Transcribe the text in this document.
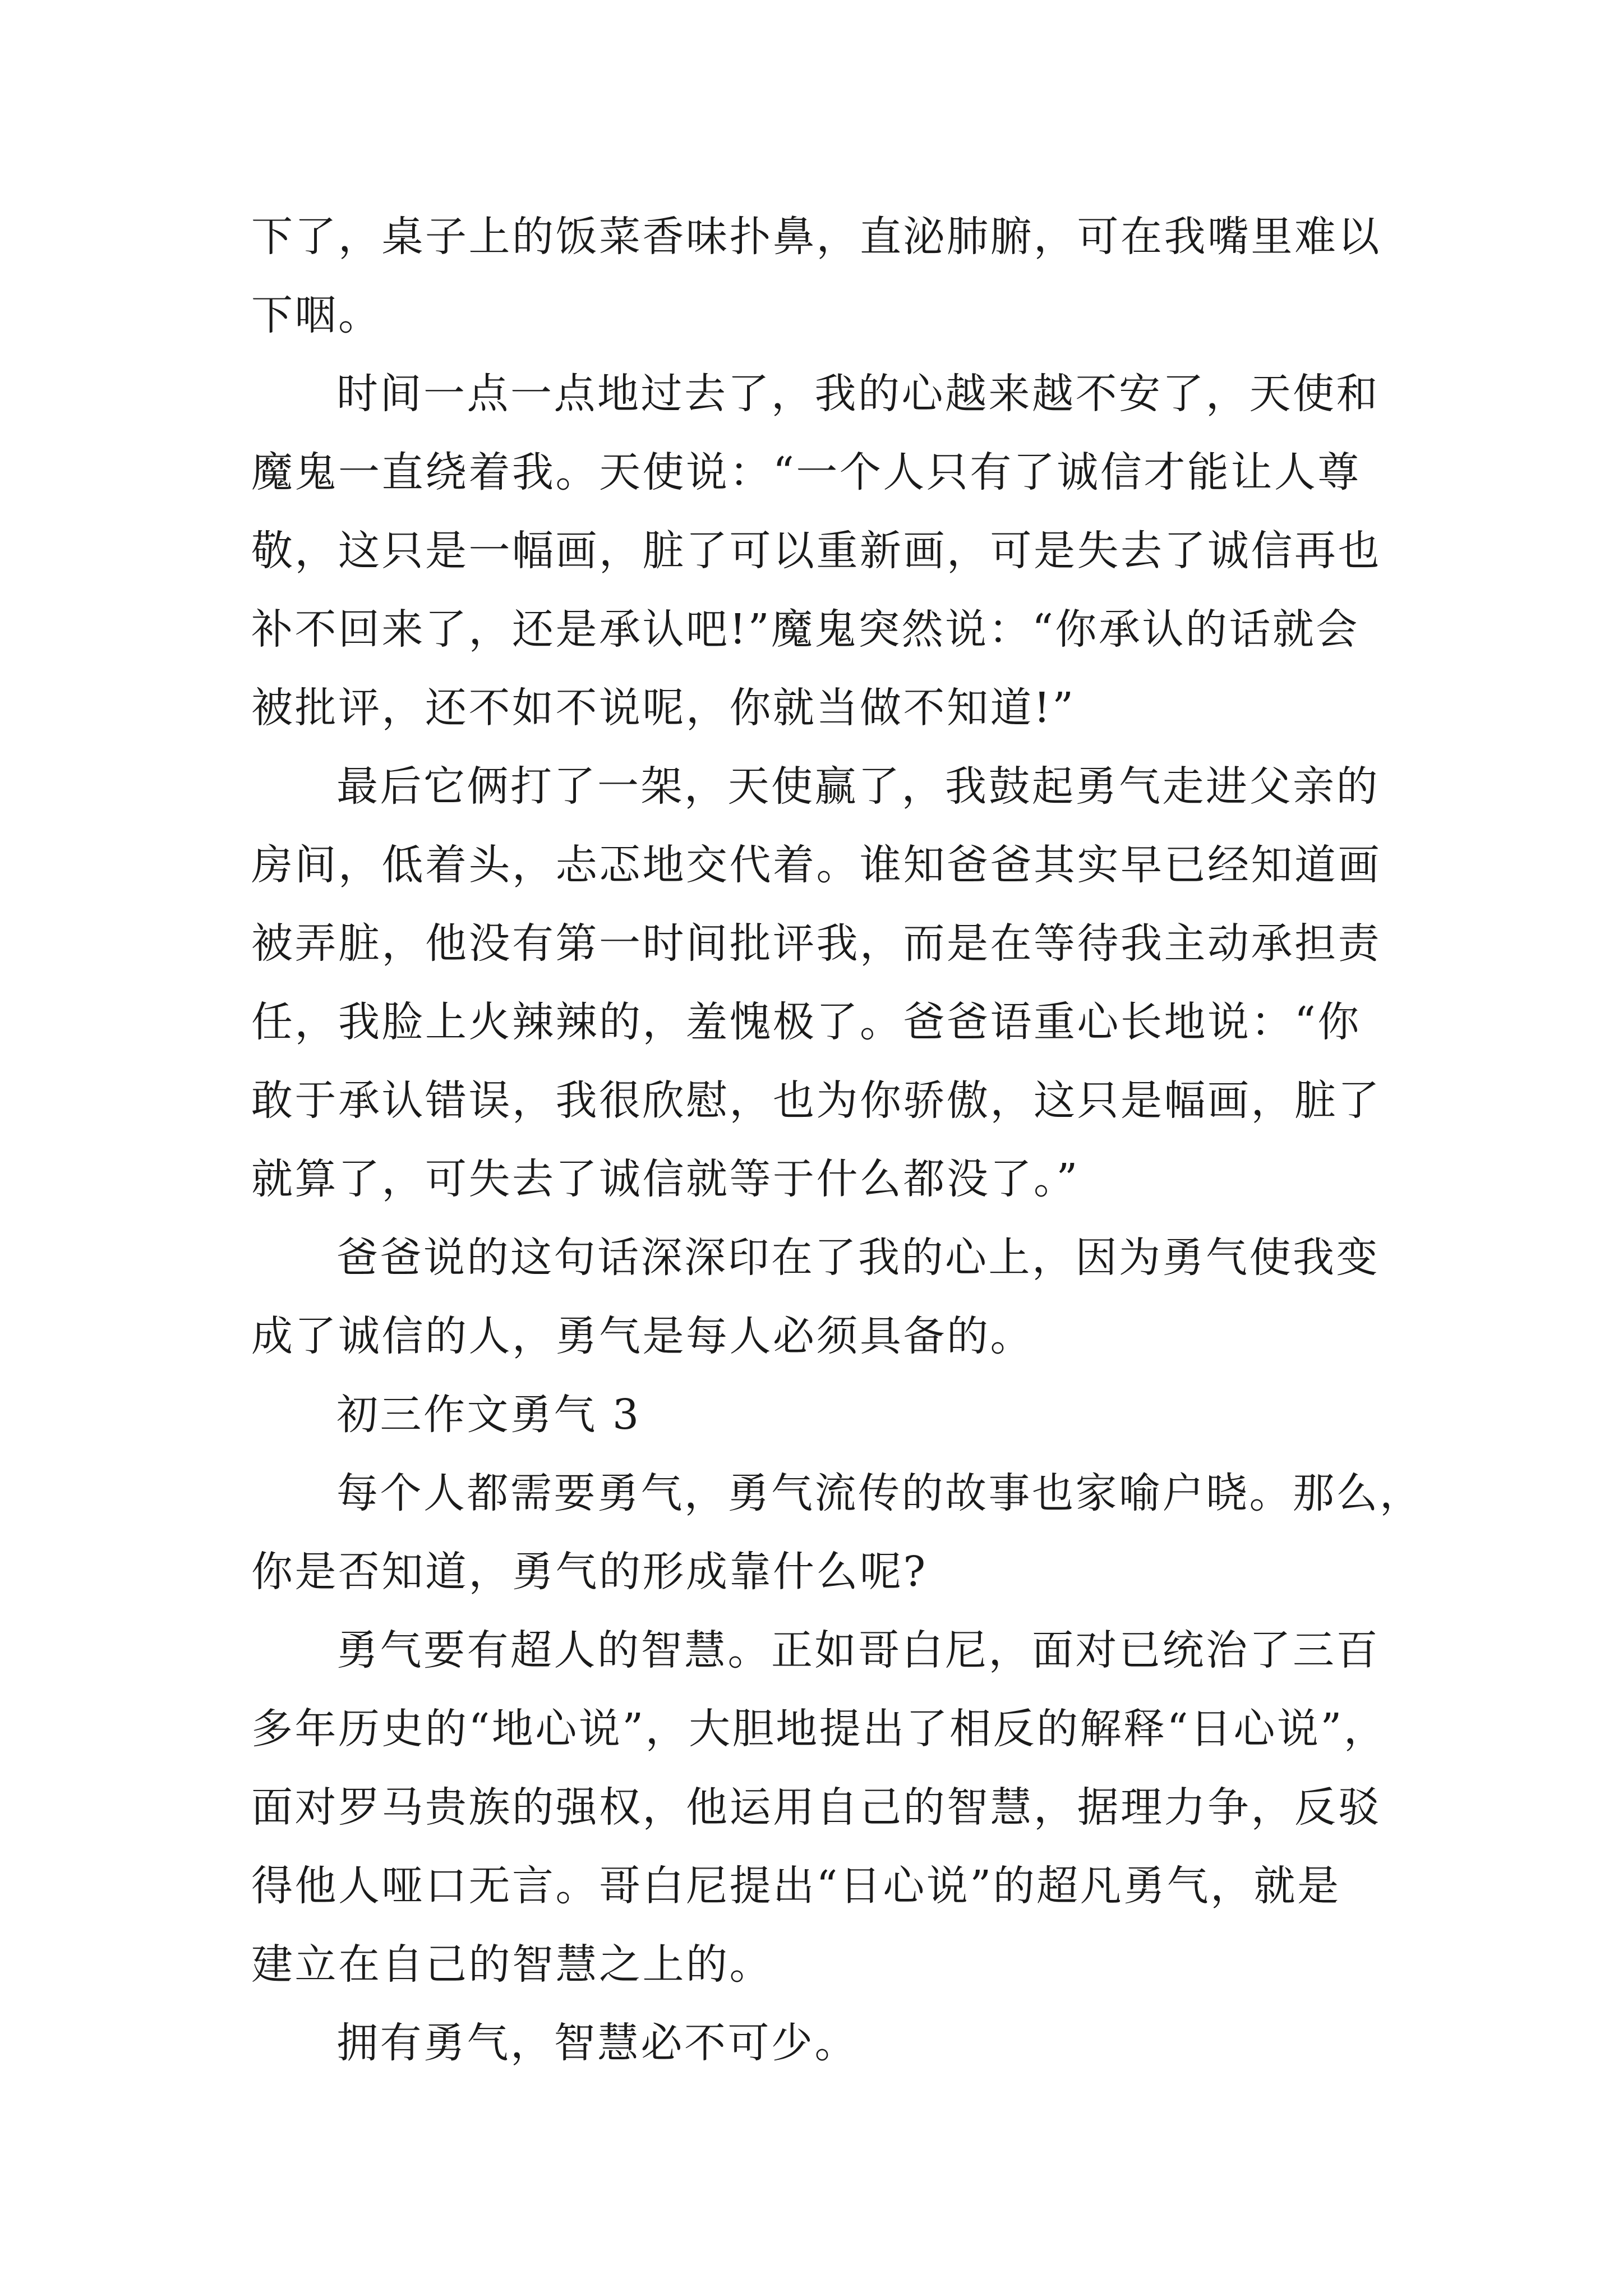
下了，桌子上的饭菜香味扑鼻，直泌肺腑，可在我嘴里难以
下咽。
时间一点一点地过去了，我的心越来越不安了，天使和
魔鬼一直绕着我。天使说：“一个人只有了诚信才能让人尊
敬，这只是一幅画，脏了可以重新画，可是失去了诚信再也
补不回来了，还是承认吧!”魔鬼突然说：“你承认的话就会
被批评，还不如不说呢，你就当做不知道!”
最后它俩打了一架，天使赢了，我鼓起勇气走进父亲的
房间，低着头，忐忑地交代着。谁知爸爸其实早已经知道画
被弄脏，他没有第一时间批评我，而是在等待我主动承担责
任，我脸上火辣辣的，羞愧极了。爸爸语重心长地说：“你
敢于承认错误，我很欣慰，也为你骄傲，这只是幅画，脏了
就算了，可失去了诚信就等于什么都没了。”
爸爸说的这句话深深印在了我的心上，因为勇气使我变
成了诚信的人，勇气是每人必须具备的。
初三作文勇气 3
每个人都需要勇气，勇气流传的故事也家喻户晓。那么，
你是否知道，勇气的形成靠什么呢?
勇气要有超人的智慧。正如哥白尼，面对已统治了三百
多年历史的“地心说”，大胆地提出了相反的解释“日心说”，
面对罗马贵族的强权，他运用自己的智慧，据理力争，反驳
得他人哑口无言。哥白尼提出“日心说”的超凡勇气，就是
建立在自己的智慧之上的。
拥有勇气，智慧必不可少。
